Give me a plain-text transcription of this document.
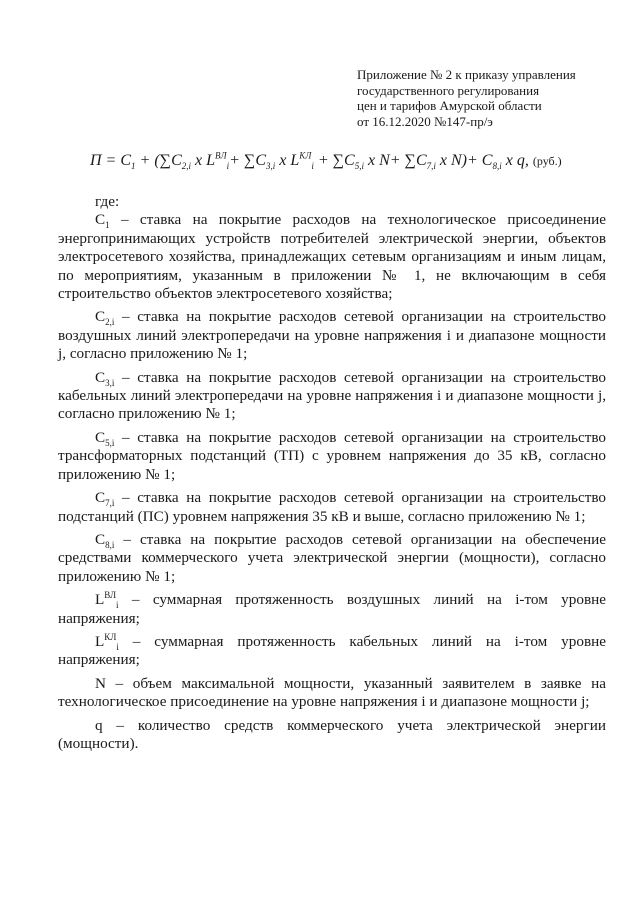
Приложение № 2 к приказу управления
государственного регулирования
цен и тарифов Амурской области
от 16.12.2020 №147-пр/э
$П = C_1 + (\sum C_{2,i}$ x $L^{ВЛ}_i+ \sum C_{3,i}$ x $L^{КЛ}_i + \sum C_{5,i}$ x $N+ \sum C_{7,i}$ x $N)+ C_{8,i}$ x q, (руб.)

где:

$С_1$ – ставка на покрытие расходов на технологическое присоединение энергопринимающих устройств потребителей электрической энергии, объектов электросетевого хозяйства, принадлежащих сетевым организациям и иным лицам, по мероприятиям, указанным в приложении № 1, не включающим в себя строительство объектов электросетевого хозяйства;

$С_{2,i}$ – ставка на покрытие расходов сетевой организации на строительство воздушных линий электропередачи на уровне напряжения i и диапазоне мощности j, согласно приложению № 1;

$С_{3,i}$ – ставка на покрытие расходов сетевой организации на строительство кабельных линий электропередачи на уровне напряжения i и диапазоне мощности j, согласно приложению № 1;

$С_{5,i}$ – ставка на покрытие расходов сетевой организации на строительство трансформаторных подстанций (ТП) с уровнем напряжения до 35 кВ, согласно приложению № 1;

$С_{7,i}$ – ставка на покрытие расходов сетевой организации на строительство подстанций (ПС) уровнем напряжения 35 кВ и выше, согласно приложению № 1;

$С_{8,i}$ – ставка на покрытие расходов сетевой организации на обеспечение средствами коммерческого учета электрической энергии (мощности), согласно приложению № 1;

$L^{ВЛ}_i$ – суммарная протяженность воздушных линий на i-том уровне напряжения;

$L^{КЛ}_i$ – суммарная протяженность кабельных линий на i-том уровне напряжения;

N – объем максимальной мощности, указанный заявителем в заявке на технологическое присоединение на уровне напряжения i и диапазоне мощности j;

q – количество средств коммерческого учета электрической энергии (мощности).
